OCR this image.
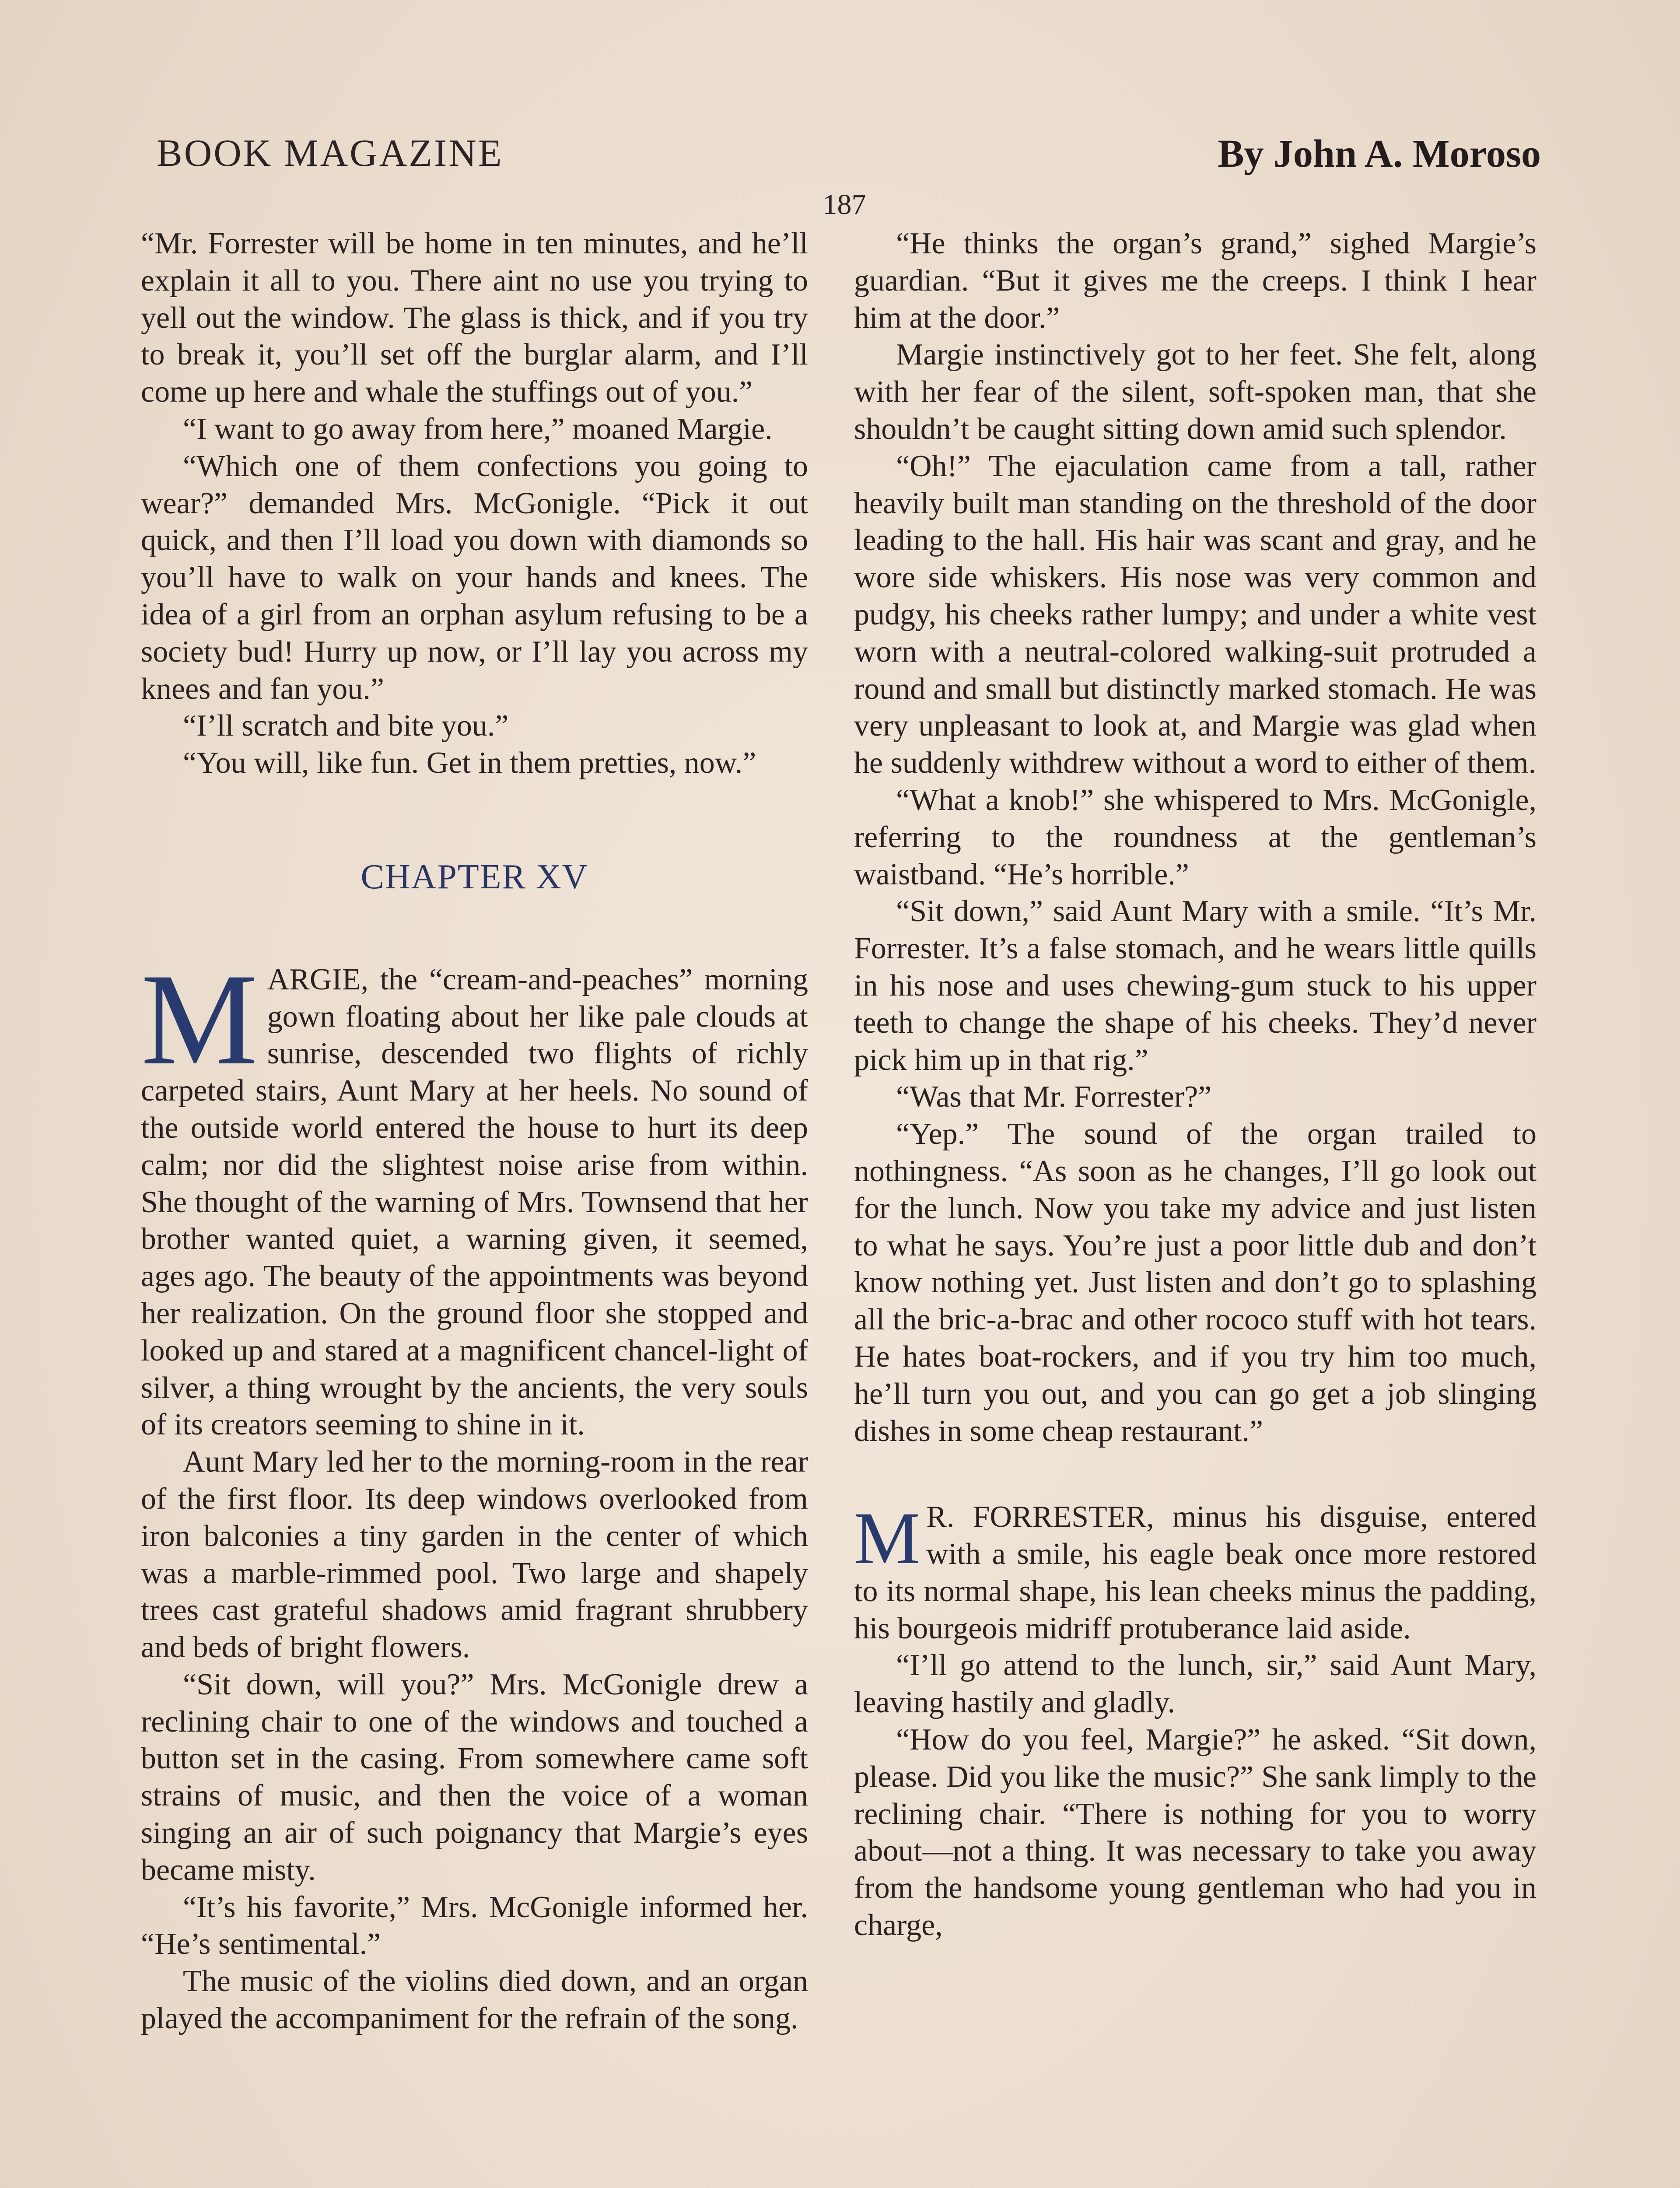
BOOK MAGAZINE	By John A. Moroso
187

“Mr. Forrester will be home in ten minutes, and he’ll explain it all to you. There aint no use you trying to yell out the window. The glass is thick, and if you try to break it, you’ll set off the burglar alarm, and I’ll come up here and whale the stuffings out of you.”

“I want to go away from here,” moaned Margie.

“Which one of them confections you going to wear?” demanded Mrs. McGonigle. “Pick it out quick, and then I’ll load you down with diamonds so you’ll have to walk on your hands and knees. The idea of a girl from an orphan asylum refusing to be a society bud! Hurry up now, or I’ll lay you across my knees and fan you.”

“I’ll scratch and bite you.”

“You will, like fun. Get in them pretties, now.”

CHAPTER XV

MARGIE, the “cream-and-peaches” morning gown floating about her like pale clouds at sunrise, descended two flights of richly carpeted stairs, Aunt Mary at her heels. No sound of the outside world entered the house to hurt its deep calm; nor did the slightest noise arise from within. She thought of the warning of Mrs. Townsend that her brother wanted quiet, a warning given, it seemed, ages ago. The beauty of the appointments was beyond her realization. On the ground floor she stopped and looked up and stared at a magnificent chancel-light of silver, a thing wrought by the ancients, the very souls of its creators seeming to shine in it.

Aunt Mary led her to the morning-room in the rear of the first floor. Its deep windows overlooked from iron balconies a tiny garden in the center of which was a marble-rimmed pool. Two large and shapely trees cast grateful shadows amid fragrant shrubbery and beds of bright flowers.

“Sit down, will you?” Mrs. McGonigle drew a reclining chair to one of the windows and touched a button set in the casing. From somewhere came soft strains of music, and then the voice of a woman singing an air of such poignancy that Margie’s eyes became misty.

“It’s his favorite,” Mrs. McGonigle informed her. “He’s sentimental.”

The music of the violins died down, and an organ played the accompaniment for the refrain of the song.

“He thinks the organ’s grand,” sighed Margie’s guardian. “But it gives me the creeps. I think I hear him at the door.”

Margie instinctively got to her feet. She felt, along with her fear of the silent, soft-spoken man, that she shouldn’t be caught sitting down amid such splendor.

“Oh!” The ejaculation came from a tall, rather heavily built man standing on the threshold of the door leading to the hall. His hair was scant and gray, and he wore side whiskers. His nose was very common and pudgy, his cheeks rather lumpy; and under a white vest worn with a neutral-colored walking-suit protruded a round and small but distinctly marked stomach. He was very unpleasant to look at, and Margie was glad when he suddenly withdrew without a word to either of them.

“What a knob!” she whispered to Mrs. McGonigle, referring to the roundness at the gentleman’s waistband. “He’s horrible.”

“Sit down,” said Aunt Mary with a smile. “It’s Mr. Forrester. It’s a false stomach, and he wears little quills in his nose and uses chewing-gum stuck to his upper teeth to change the shape of his cheeks. They’d never pick him up in that rig.”

“Was that Mr. Forrester?”

“Yep.” The sound of the organ trailed to nothingness. “As soon as he changes, I’ll go look out for the lunch. Now you take my advice and just listen to what he says. You’re just a poor little dub and don’t know nothing yet. Just listen and don’t go to splashing all the bric-a-brac and other rococo stuff with hot tears. He hates boat-rockers, and if you try him too much, he’ll turn you out, and you can go get a job slinging dishes in some cheap restaurant.”

M R. FORRESTER, minus his disguise, entered with a smile, his eagle beak once more restored to its normal shape, his lean cheeks minus the padding, his bourgeois midriff protuberance laid aside.

“I’ll go attend to the lunch, sir,” said Aunt Mary, leaving hastily and gladly.

“How do you feel, Margie?” he asked. “Sit down, please. Did you like the music?” She sank limply to the reclining chair. “There is nothing for you to worry about—not a thing. It was necessary to take you away from the handsome young gentleman who had you in charge,
